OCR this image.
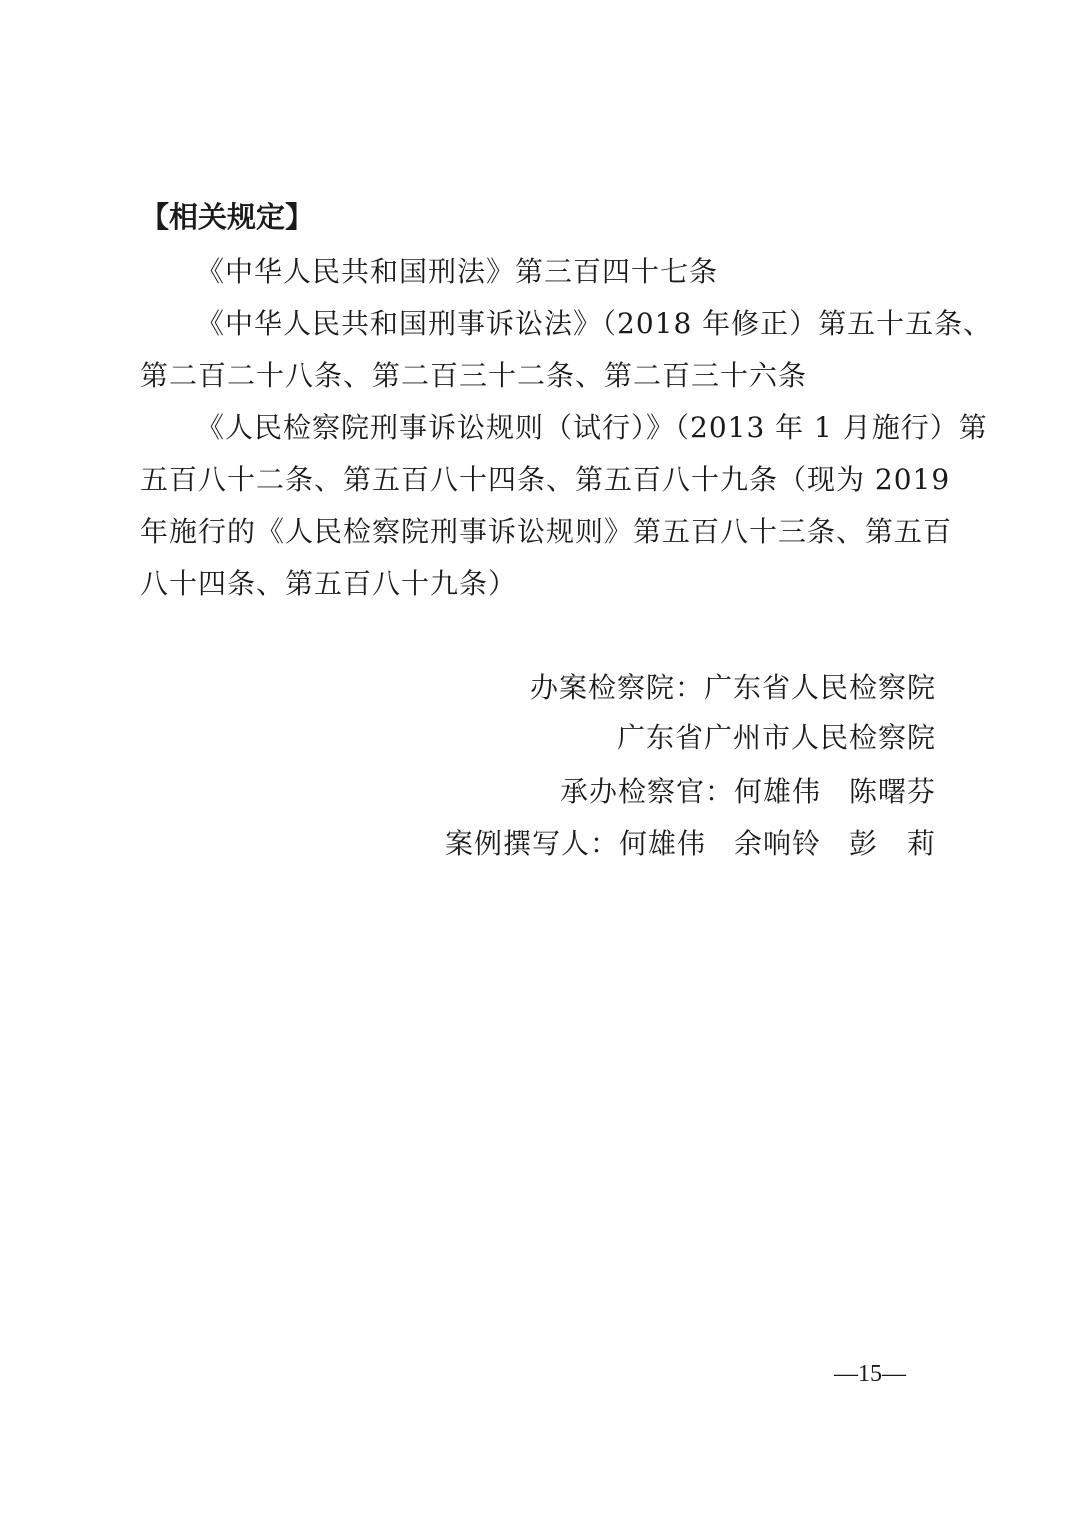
【相关规定】

《中华人民共和国刑法》第三百四十七条

《中华人民共和国刑事诉讼法》（2018 年修正）第五十五条、
第二百二十八条、第二百三十二条、第二百三十六条

《人民检察院刑事诉讼规则（试行）》（2013 年 1 月施行）第
五百八十二条、第五百八十四条、第五百八十九条（现为 2019
年施行的《人民检察院刑事诉讼规则》第五百八十三条、第五百
八十四条、第五百八十九条）

办案检察院：广东省人民检察院
广东省广州市人民检察院
承办检察官：何雄伟 陈曙芬
案例撰写人：何雄伟 余响铃 彭　莉
—15—
